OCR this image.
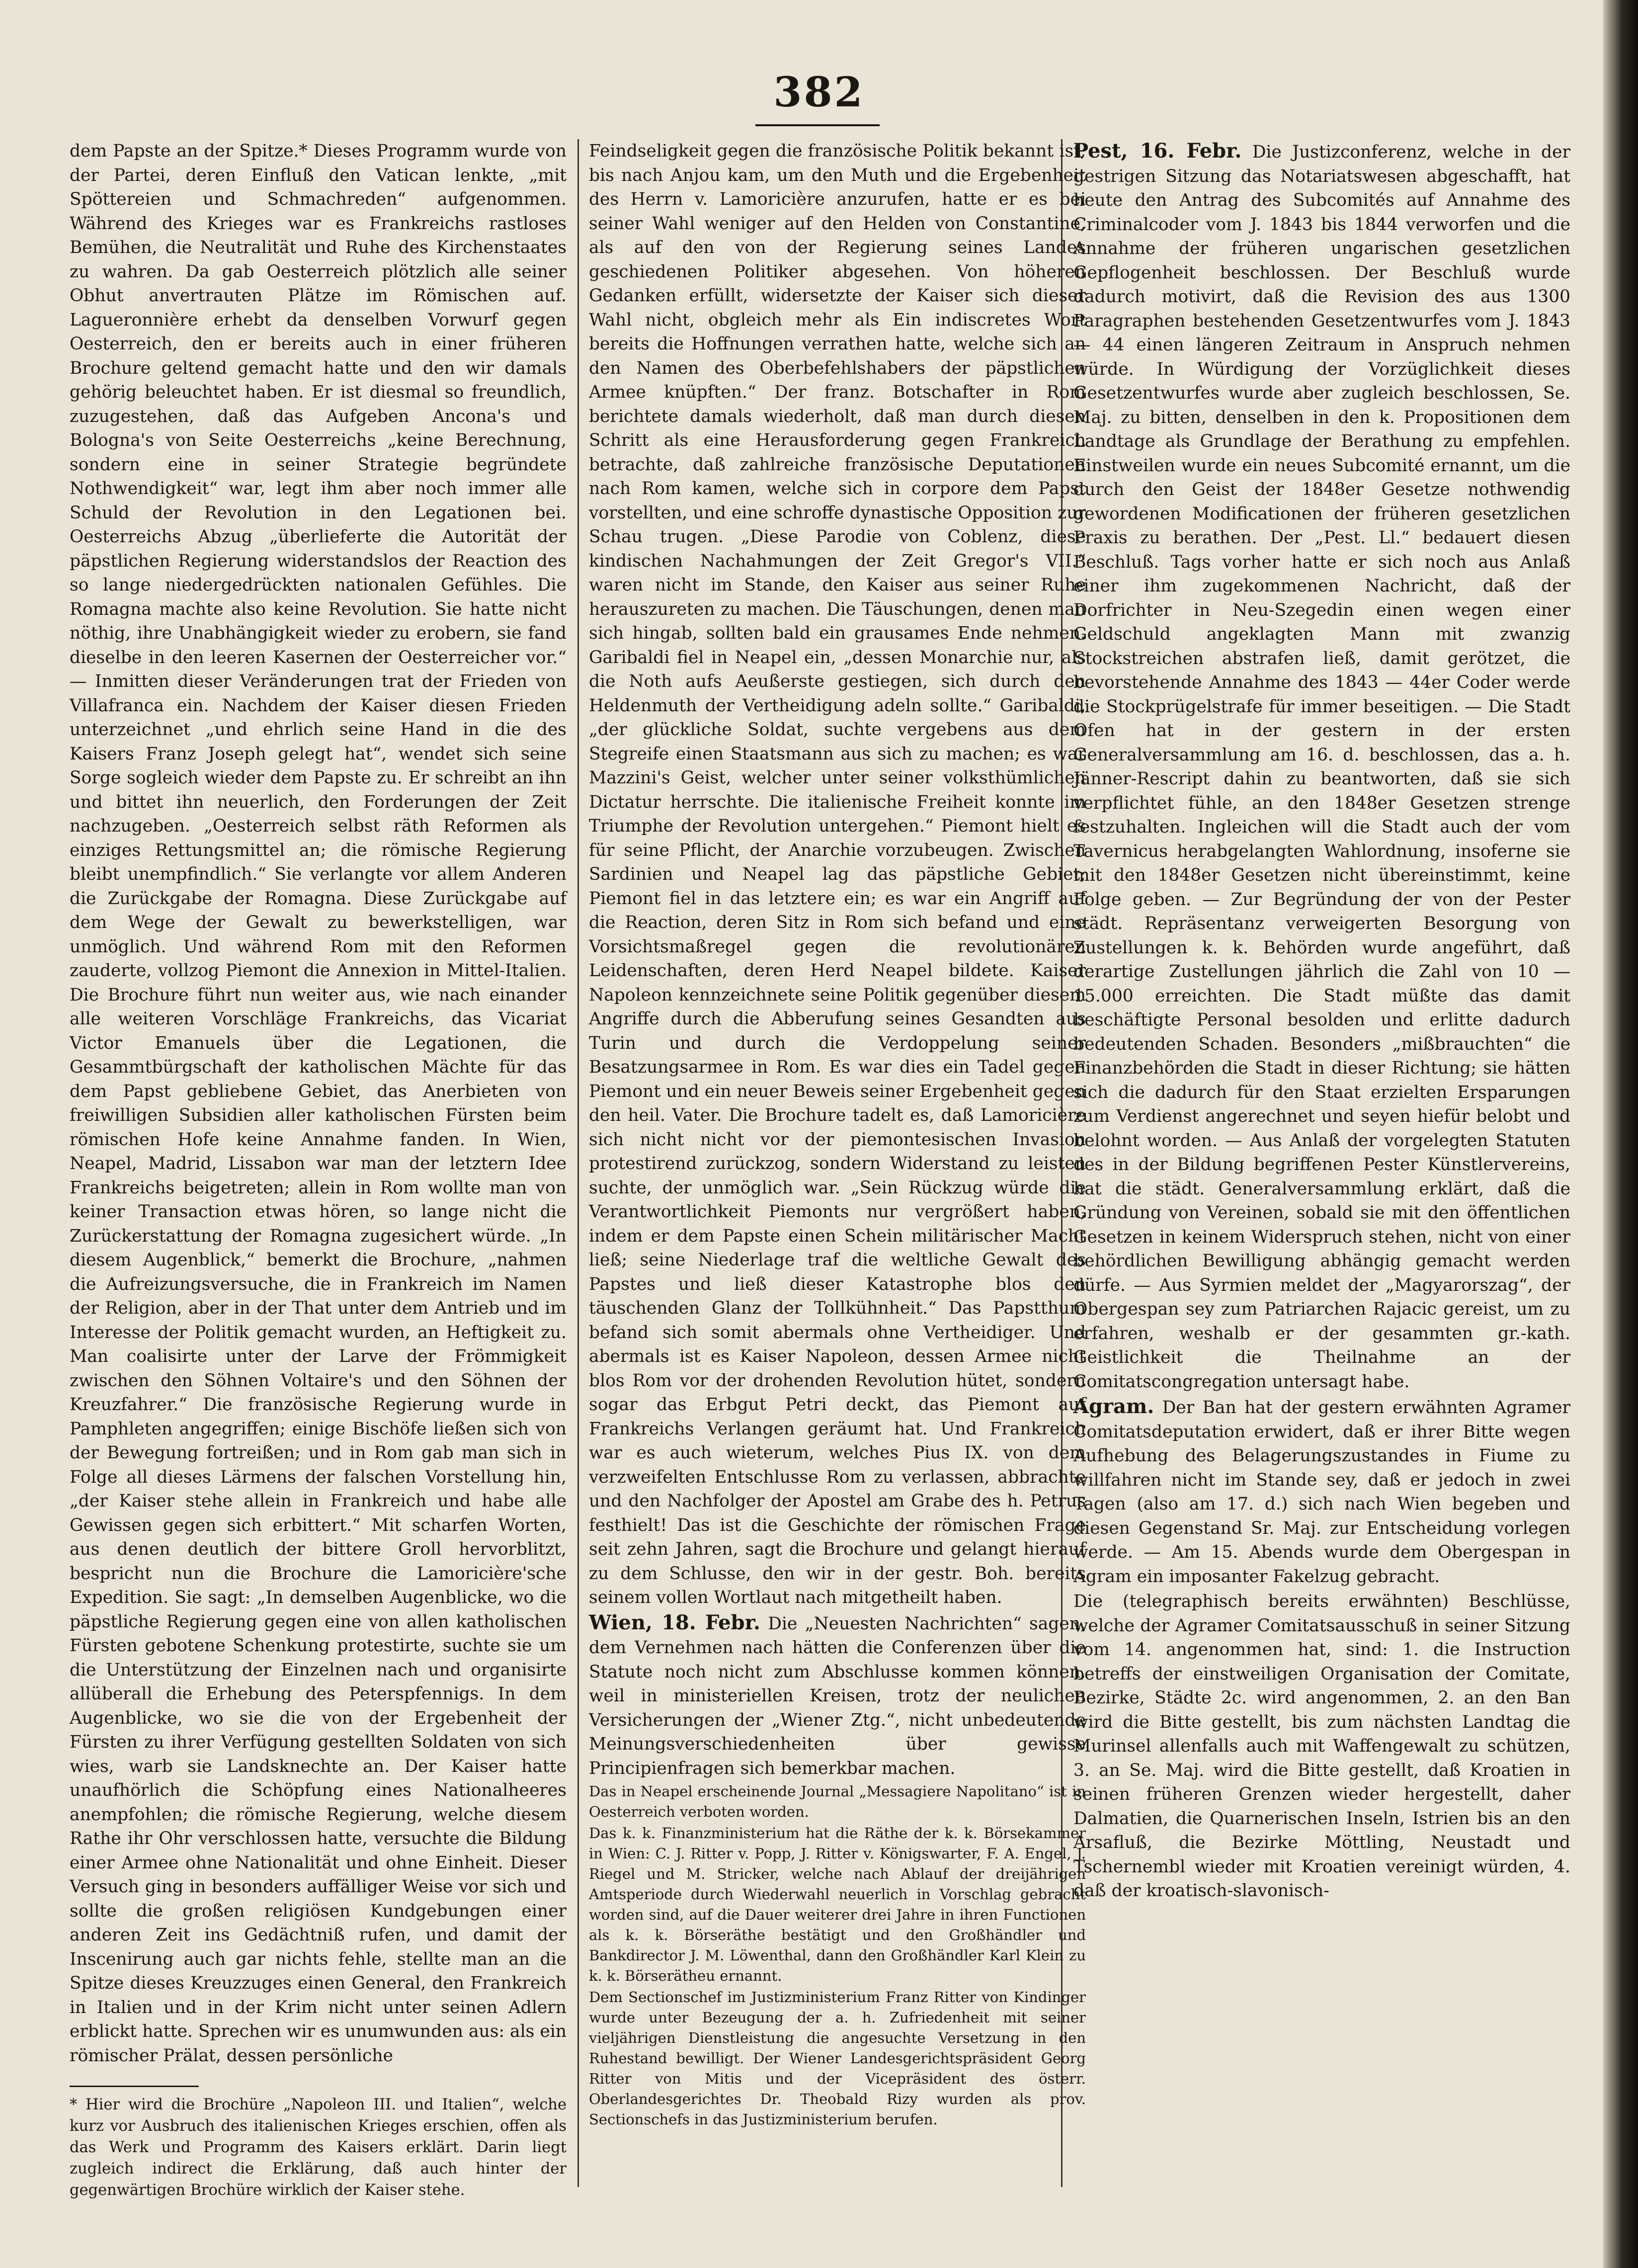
382

dem Papste an der Spitze.* Dieses Programm wurde von der Partei, deren Einfluß den Vatican lenkte, „mit Spöttereien und Schmachreden“ aufgenommen. Während des Krieges war es Frankreichs rastloses Bemühen, die Neutralität und Ruhe des Kirchenstaates zu wahren. Da gab Oesterreich plötzlich alle seiner Obhut anvertrauten Plätze im Römischen auf. Lagueronnière erhebt da denselben Vorwurf gegen Oesterreich, den er bereits auch in einer früheren Brochure geltend gemacht hatte und den wir damals gehörig beleuchtet haben. Er ist diesmal so freundlich, zuzugestehen, daß das Aufgeben Ancona's und Bologna's von Seite Oesterreichs „keine Berechnung, sondern eine in seiner Strategie begründete Nothwendigkeit“ war, legt ihm aber noch immer alle Schuld der Revolution in den Legationen bei. Oesterreichs Abzug „überlieferte die Autorität der päpstlichen Regierung widerstandslos der Reaction des so lange niedergedrückten nationalen Gefühles. Die Romagna machte also keine Revolution. Sie hatte nicht nöthig, ihre Unabhängigkeit wieder zu erobern, sie fand dieselbe in den leeren Kasernen der Oesterreicher vor.“ — Inmitten dieser Veränderungen trat der Frieden von Villafranca ein. Nachdem der Kaiser diesen Frieden unterzeichnet „und ehrlich seine Hand in die des Kaisers Franz Joseph gelegt hat“, wendet sich seine Sorge sogleich wieder dem Papste zu. Er schreibt an ihn und bittet ihn neuerlich, den Forderungen der Zeit nachzugeben. „Oesterreich selbst räth Reformen als einziges Rettungsmittel an; die römische Regierung bleibt unempfindlich.“ Sie verlangte vor allem Anderen die Zurückgabe der Romagna. Diese Zurückgabe auf dem Wege der Gewalt zu bewerkstelligen, war unmöglich. Und während Rom mit den Reformen zauderte, vollzog Piemont die Annexion in Mittel-Italien. Die Brochure führt nun weiter aus, wie nach einander alle weiteren Vorschläge Frankreichs, das Vicariat Victor Emanuels über die Legationen, die Gesammtbürgschaft der katholischen Mächte für das dem Papst gebliebene Gebiet, das Anerbieten von freiwilligen Subsidien aller katholischen Fürsten beim römischen Hofe keine Annahme fanden. In Wien, Neapel, Madrid, Lissabon war man der letztern Idee Frankreichs beigetreten; allein in Rom wollte man von keiner Transaction etwas hören, so lange nicht die Zurückerstattung der Romagna zugesichert würde. „In diesem Augenblick,“ bemerkt die Brochure, „nahmen die Aufreizungsversuche, die in Frankreich im Namen der Religion, aber in der That unter dem Antrieb und im Interesse der Politik gemacht wurden, an Heftigkeit zu. Man coalisirte unter der Larve der Frömmigkeit zwischen den Söhnen Voltaire's und den Söhnen der Kreuzfahrer.“ Die französische Regierung wurde in Pamphleten angegriffen; einige Bischöfe ließen sich von der Bewegung fortreißen; und in Rom gab man sich in Folge all dieses Lärmens der falschen Vorstellung hin, „der Kaiser stehe allein in Frankreich und habe alle Gewissen gegen sich erbittert.“ Mit scharfen Worten, aus denen deutlich der bittere Groll hervorblitzt, bespricht nun die Brochure die Lamoricière'sche Expedition. Sie sagt: „In demselben Augenblicke, wo die päpstliche Regierung gegen eine von allen katholischen Fürsten gebotene Schenkung protestirte, suchte sie um die Unterstützung der Einzelnen nach und organisirte allüberall die Erhebung des Peterspfennigs. In dem Augenblicke, wo sie die von der Ergebenheit der Fürsten zu ihrer Verfügung gestellten Soldaten von sich wies, warb sie Landsknechte an. Der Kaiser hatte unaufhörlich die Schöpfung eines Nationalheeres anempfohlen; die römische Regierung, welche diesem Rathe ihr Ohr verschlossen hatte, versuchte die Bildung einer Armee ohne Nationalität und ohne Einheit. Dieser Versuch ging in besonders auffälliger Weise vor sich und sollte die großen religiösen Kundgebungen einer anderen Zeit ins Gedächtniß rufen, und damit der Inscenirung auch gar nichts fehle, stellte man an die Spitze dieses Kreuzzuges einen General, den Frankreich in Italien und in der Krim nicht unter seinen Adlern erblickt hatte. Sprechen wir es unumwunden aus: als ein römischer Prälat, dessen persönliche

* Hier wird die Brochüre „Napoleon III. und Italien“, welche kurz vor Ausbruch des italienischen Krieges erschien, offen als das Werk und Programm des Kaisers erklärt. Darin liegt zugleich indirect die Erklärung, daß auch hinter der gegenwärtigen Brochüre wirklich der Kaiser stehe.

Feindseligkeit gegen die französische Politik bekannt ist, bis nach Anjou kam, um den Muth und die Ergebenheit des Herrn v. Lamoricière anzurufen, hatte er es bei seiner Wahl weniger auf den Helden von Constantine, als auf den von der Regierung seines Landes geschiedenen Politiker abgesehen. Von höheren Gedanken erfüllt, widersetzte der Kaiser sich dieser Wahl nicht, obgleich mehr als Ein indiscretes Wort bereits die Hoffnungen verrathen hatte, welche sich an den Namen des Oberbefehlshabers der päpstlichen Armee knüpften.“ Der franz. Botschafter in Rom berichtete damals wiederholt, daß man durch diesen Schritt als eine Herausforderung gegen Frankreich betrachte, daß zahlreiche französische Deputationen nach Rom kamen, welche sich in corpore dem Papst vorstellten, und eine schroffe dynastische Opposition zur Schau trugen. „Diese Parodie von Coblenz, diese kindischen Nachahmungen der Zeit Gregor's VII.“ waren nicht im Stande, den Kaiser aus seiner Ruhe herauszureten zu machen. Die Täuschungen, denen man sich hingab, sollten bald ein grausames Ende nehmen. Garibaldi fiel in Neapel ein, „dessen Monarchie nur, als die Noth aufs Aeußerste gestiegen, sich durch den Heldenmuth der Vertheidigung adeln sollte.“ Garibaldi, „der glückliche Soldat, suchte vergebens aus dem Stegreife einen Staatsmann aus sich zu machen; es war Mazzini's Geist, welcher unter seiner volksthümlichen Dictatur herrschte. Die italienische Freiheit konnte im Triumphe der Revolution untergehen.“ Piemont hielt es für seine Pflicht, der Anarchie vorzubeugen. Zwischen Sardinien und Neapel lag das päpstliche Gebiet; Piemont fiel in das letztere ein; es war ein Angriff auf die Reaction, deren Sitz in Rom sich befand und eine Vorsichtsmaßregel gegen die revolutionären Leidenschaften, deren Herd Neapel bildete. Kaiser Napoleon kennzeichnete seine Politik gegenüber diesem Angriffe durch die Abberufung seines Gesandten aus Turin und durch die Verdoppelung seiner Besatzungsarmee in Rom. Es war dies ein Tadel gegen Piemont und ein neuer Beweis seiner Ergebenheit gegen den heil. Vater. Die Brochure tadelt es, daß Lamoricière sich nicht nicht vor der piemontesischen Invasion protestirend zurückzog, sondern Widerstand zu leisten suchte, der unmöglich war. „Sein Rückzug würde die Verantwortlichkeit Piemonts nur vergrößert haben, indem er dem Papste einen Schein militärischer Macht ließ; seine Niederlage traf die weltliche Gewalt des Papstes und ließ dieser Katastrophe blos den täuschenden Glanz der Tollkühnheit.“ Das Papstthum befand sich somit abermals ohne Vertheidiger. Und abermals ist es Kaiser Napoleon, dessen Armee nicht blos Rom vor der drohenden Revolution hütet, sondern sogar das Erbgut Petri deckt, das Piemont auf Frankreichs Verlangen geräumt hat. Und Frankreich war es auch wieterum, welches Pius IX. von dem verzweifelten Entschlusse Rom zu verlassen, abbrachte und den Nachfolger der Apostel am Grabe des h. Petrus festhielt! Das ist die Geschichte der römischen Frage seit zehn Jahren, sagt die Brochure und gelangt hierauf zu dem Schlusse, den wir in der gestr. Boh. bereits seinem vollen Wortlaut nach mitgetheilt haben.

Wien, 18. Febr. Die „Neuesten Nachrichten“ sagen, dem Vernehmen nach hätten die Conferenzen über die Statute noch nicht zum Abschlusse kommen können, weil in ministeriellen Kreisen, trotz der neulichen Versicherungen der „Wiener Ztg.“, nicht unbedeutende Meinungsverschiedenheiten über gewisse Principienfragen sich bemerkbar machen.

Das in Neapel erscheinende Journal „Messagiere Napolitano“ ist in Oesterreich verboten worden.

Das k. k. Finanzministerium hat die Räthe der k. k. Börsekammer in Wien: C. J. Ritter v. Popp, J. Ritter v. Königswarter, F. A. Engel, J. Riegel und M. Stricker, welche nach Ablauf der dreijährigen Amtsperiode durch Wiederwahl neuerlich in Vorschlag gebracht worden sind, auf die Dauer weiterer drei Jahre in ihren Functionen als k. k. Börseräthe bestätigt und den Großhändler und Bankdirector J. M. Löwenthal, dann den Großhändler Karl Klein zu k. k. Börserätheu ernannt.

Dem Sectionschef im Justizministerium Franz Ritter von Kindinger wurde unter Bezeugung der a. h. Zufriedenheit mit seiner vieljährigen Dienstleistung die angesuchte Versetzung in den Ruhestand bewilligt. Der Wiener Landesgerichtspräsident Georg Ritter von Mitis und der Vicepräsident des österr. Oberlandesgerichtes Dr. Theobald Rizy wurden als prov. Sectionschefs in das Justizministerium berufen.

Pest, 16. Febr. Die Justizconferenz, welche in der gestrigen Sitzung das Notariatswesen abgeschafft, hat heute den Antrag des Subcomités auf Annahme des Criminalcoder vom J. 1843 bis 1844 verworfen und die Annahme der früheren ungarischen gesetzlichen Gepflogenheit beschlossen. Der Beschluß wurde dadurch motivirt, daß die Revision des aus 1300 Paragraphen bestehenden Gesetzentwurfes vom J. 1843 — 44 einen längeren Zeitraum in Anspruch nehmen würde. In Würdigung der Vorzüglichkeit dieses Gesetzentwurfes wurde aber zugleich beschlossen, Se. Maj. zu bitten, denselben in den k. Propositionen dem Landtage als Grundlage der Berathung zu empfehlen. Einstweilen wurde ein neues Subcomité ernannt, um die durch den Geist der 1848er Gesetze nothwendig gewordenen Modificationen der früheren gesetzlichen Praxis zu berathen. Der „Pest. Ll.“ bedauert diesen Beschluß. Tags vorher hatte er sich noch aus Anlaß einer ihm zugekommenen Nachricht, daß der Dorfrichter in Neu-Szegedin einen wegen einer Geldschuld angeklagten Mann mit zwanzig Stockstreichen abstrafen ließ, damit gerötzet, die bevorstehende Annahme des 1843 — 44er Coder werde die Stockprügelstrafe für immer beseitigen. — Die Stadt Ofen hat in der gestern in der ersten Generalversammlung am 16. d. beschlossen, das a. h. Jänner-Rescript dahin zu beantworten, daß sie sich verpflichtet fühle, an den 1848er Gesetzen strenge festzuhalten. Ingleichen will die Stadt auch der vom Tavernicus herabgelangten Wahlordnung, insoferne sie mit den 1848er Gesetzen nicht übereinstimmt, keine Folge geben. — Zur Begründung der von der Pester städt. Repräsentanz verweigerten Besorgung von Zustellungen k. k. Behörden wurde angeführt, daß derartige Zustellungen jährlich die Zahl von 10 — 15.000 erreichten. Die Stadt müßte das damit beschäftigte Personal besolden und erlitte dadurch bedeutenden Schaden. Besonders „mißbrauchten“ die Finanzbehörden die Stadt in dieser Richtung; sie hätten sich die dadurch für den Staat erzielten Ersparungen zum Verdienst angerechnet und seyen hiefür belobt und belohnt worden. — Aus Anlaß der vorgelegten Statuten des in der Bildung begriffenen Pester Künstlervereins, hat die städt. Generalversammlung erklärt, daß die Gründung von Vereinen, sobald sie mit den öffentlichen Gesetzen in keinem Widerspruch stehen, nicht von einer behördlichen Bewilligung abhängig gemacht werden dürfe. — Aus Syrmien meldet der „Magyarorszag“, der Obergespan sey zum Patriarchen Rajacic gereist, um zu erfahren, weshalb er der gesammten gr.-kath. Geistlichkeit die Theilnahme an der Comitatscongregation untersagt habe.

Agram. Der Ban hat der gestern erwähnten Agramer Comitatsdeputation erwidert, daß er ihrer Bitte wegen Aufhebung des Belagerungszustandes in Fiume zu willfahren nicht im Stande sey, daß er jedoch in zwei Tagen (also am 17. d.) sich nach Wien begeben und diesen Gegenstand Sr. Maj. zur Entscheidung vorlegen werde. — Am 15. Abends wurde dem Obergespan in Agram ein imposanter Fakelzug gebracht.

Die (telegraphisch bereits erwähnten) Beschlüsse, welche der Agramer Comitatsausschuß in seiner Sitzung vom 14. angenommen hat, sind: 1. die Instruction betreffs der einstweiligen Organisation der Comitate, Bezirke, Städte 2c. wird angenommen, 2. an den Ban wird die Bitte gestellt, bis zum nächsten Landtag die Murinsel allenfalls auch mit Waffengewalt zu schützen, 3. an Se. Maj. wird die Bitte gestellt, daß Kroatien in seinen früheren Grenzen wieder hergestellt, daher Dalmatien, die Quarnerischen Inseln, Istrien bis an den Arsafluß, die Bezirke Möttling, Neustadt und Tschernembl wieder mit Kroatien vereinigt würden, 4. daß der kroatisch-slavonisch-
